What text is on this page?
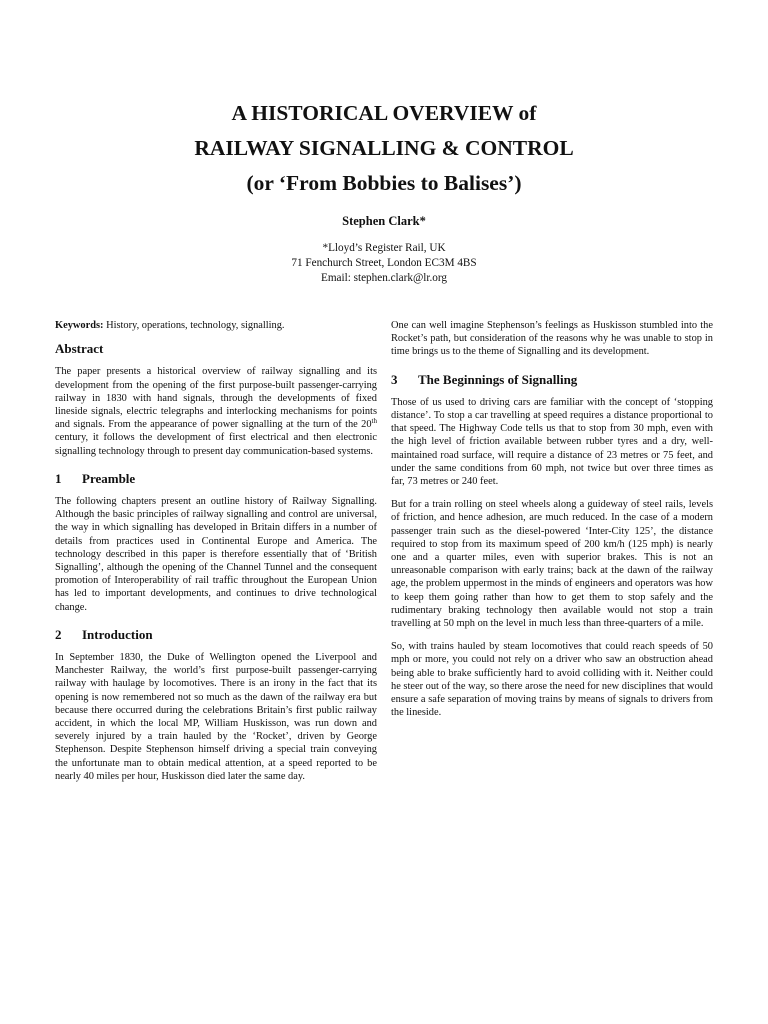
A HISTORICAL OVERVIEW of
RAILWAY SIGNALLING & CONTROL
(or ‘From Bobbies to Balises’)
Stephen Clark*
*Lloyd’s Register Rail, UK
71 Fenchurch Street, London EC3M 4BS
Email: stephen.clark@lr.org

Keywords: History, operations, technology, signalling.

Abstract

The paper presents a historical overview of railway signalling and its development from the opening of the first purpose-built passenger-carrying railway in 1830 with hand signals, through the developments of fixed lineside signals, electric telegraphs and interlocking mechanisms for points and signals. From the appearance of power signalling at the turn of the 20th century, it follows the development of first electrical and then electronic signalling technology through to present day communication-based systems.

1 Preamble

The following chapters present an outline history of Railway Signalling. Although the basic principles of railway signalling and control are universal, the way in which signalling has developed in Britain differs in a number of details from practices used in Continental Europe and America. The technology described in this paper is therefore essentially that of ‘British Signalling’, although the opening of the Channel Tunnel and the consequent promotion of Interoperability of rail traffic throughout the European Union has led to important developments, and continues to drive technological change.

2 Introduction

In September 1830, the Duke of Wellington opened the Liverpool and Manchester Railway, the world’s first purpose-built passenger-carrying railway with haulage by locomotives. There is an irony in the fact that its opening is now remembered not so much as the dawn of the railway era but because there occurred during the celebrations Britain’s first public railway accident, in which the local MP, William Huskisson, was run down and severely injured by a train hauled by the ‘Rocket’, driven by George Stephenson. Despite Stephenson himself driving a special train conveying the unfortunate man to obtain medical attention, at a speed reported to be nearly 40 miles per hour, Huskisson died later the same day.

One can well imagine Stephenson’s feelings as Huskisson stumbled into the Rocket’s path, but consideration of the reasons why he was unable to stop in time brings us to the theme of Signalling and its development.

3 The Beginnings of Signalling

Those of us used to driving cars are familiar with the concept of ‘stopping distance’. To stop a car travelling at speed requires a distance proportional to that speed. The Highway Code tells us that to stop from 30 mph, even with the high level of friction available between rubber tyres and a dry, well-maintained road surface, will require a distance of 23 metres or 75 feet, and under the same conditions from 60 mph, not twice but over three times as far, 73 metres or 240 feet.

But for a train rolling on steel wheels along a guideway of steel rails, levels of friction, and hence adhesion, are much reduced. In the case of a modern passenger train such as the diesel-powered ‘Inter-City 125’, the distance required to stop from its maximum speed of 200 km/h (125 mph) is nearly one and a quarter miles, even with superior brakes. This is not an unreasonable comparison with early trains; back at the dawn of the railway age, the problem uppermost in the minds of engineers and operators was how to keep them going rather than how to get them to stop safely and the rudimentary braking technology then available would not stop a train travelling at 50 mph on the level in much less than three-quarters of a mile.

So, with trains hauled by steam locomotives that could reach speeds of 50 mph or more, you could not rely on a driver who saw an obstruction ahead being able to brake sufficiently hard to avoid colliding with it. Neither could he steer out of the way, so there arose the need for new disciplines that would ensure a safe separation of moving trains by means of signals to drivers from the lineside.
